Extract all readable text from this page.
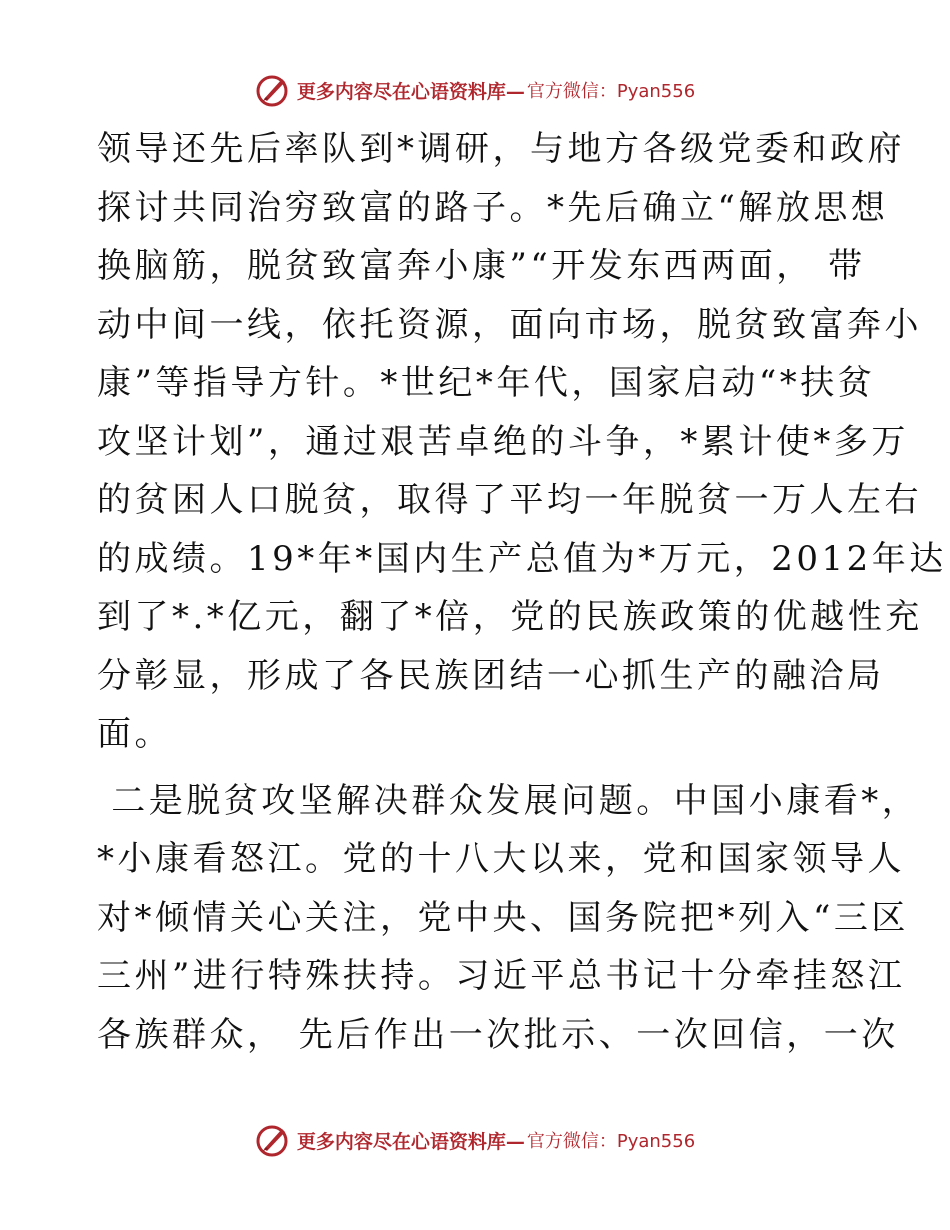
更多内容尽在心语资料库— 官方微信：Pyan556
领导还先后率队到*调研，与地方各级党委和政府
探讨共同治穷致富的路子。*先后确立“解放思想
换脑筋，脱贫致富奔小康”“开发东西两面， 带
动中间一线，依托资源，面向市场，脱贫致富奔小
康”等指导方针。*世纪*年代，国家启动“*扶贫
攻坚计划”，通过艰苦卓绝的斗争，*累计使*多万
的贫困人口脱贫，取得了平均一年脱贫一万人左右
的成绩。19*年*国内生产总值为*万元，2012年达
到了*.*亿元，翻了*倍，党的民族政策的优越性充
分彰显，形成了各民族团结一心抓生产的融洽局
面。
二是脱贫攻坚解决群众发展问题。中国小康看*，
*小康看怒江。党的十八大以来，党和国家领导人
对*倾情关心关注，党中央、国务院把*列入“三区
三州”进行特殊扶持。习近平总书记十分牵挂怒江
各族群众， 先后作出一次批示、一次回信，一次
更多内容尽在心语资料库— 官方微信：Pyan556
